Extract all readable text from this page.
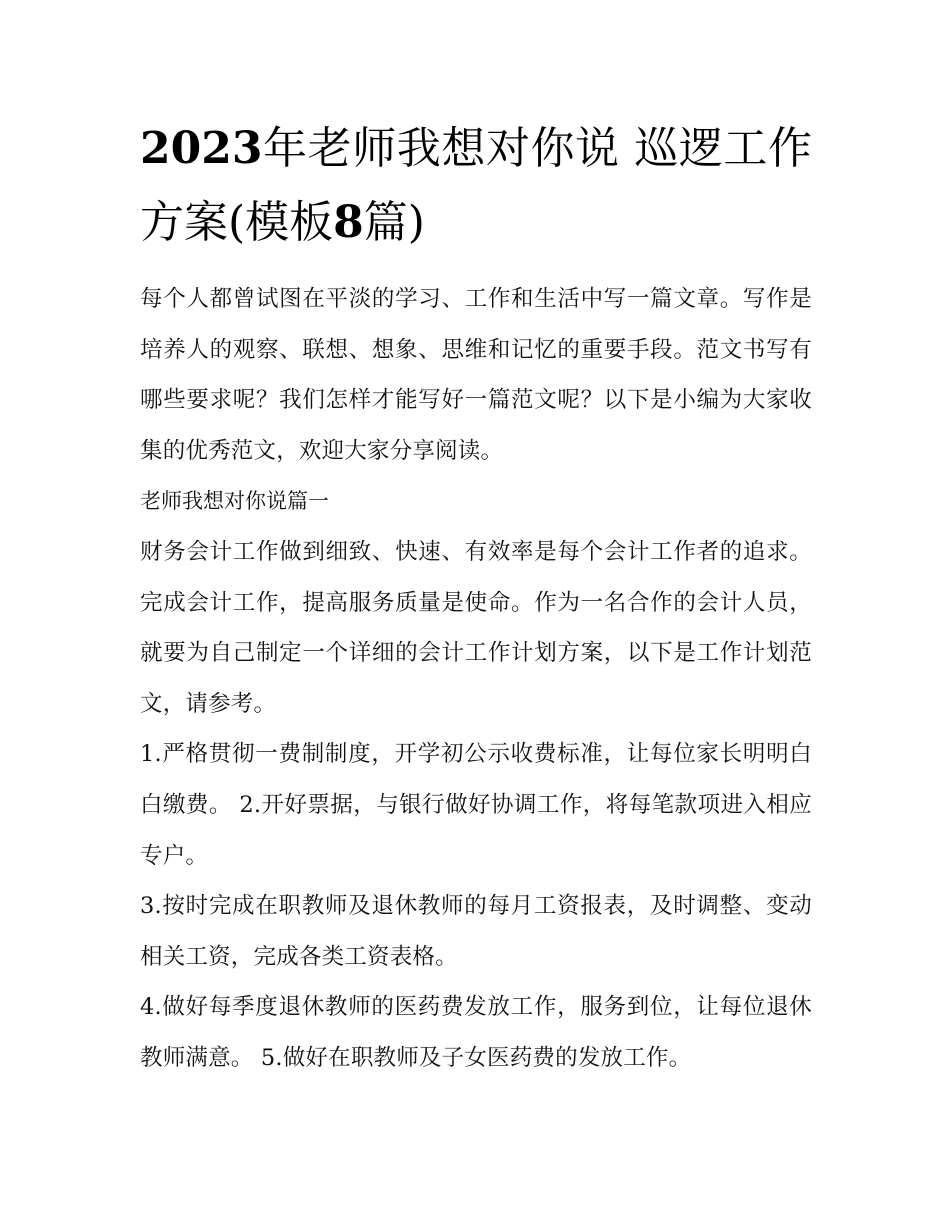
2023年老师我想对你说 巡逻工作方案(模板8篇)

每个人都曾试图在平淡的学习、工作和生活中写一篇文章。写作是培养人的观察、联想、想象、思维和记忆的重要手段。范文书写有哪些要求呢？我们怎样才能写好一篇范文呢？以下是小编为大家收集的优秀范文，欢迎大家分享阅读。

老师我想对你说篇一

财务会计工作做到细致、快速、有效率是每个会计工作者的追求。完成会计工作，提高服务质量是使命。作为一名合作的会计人员，就要为自己制定一个详细的会计工作计划方案，以下是工作计划范文，请参考。

1.严格贯彻一费制制度，开学初公示收费标准，让每位家长明明白白缴费。 2.开好票据，与银行做好协调工作，将每笔款项进入相应专户。

3.按时完成在职教师及退休教师的每月工资报表，及时调整、变动相关工资，完成各类工资表格。

4.做好每季度退休教师的医药费发放工作，服务到位，让每位退休教师满意。 5.做好在职教师及子女医药费的发放工作。
